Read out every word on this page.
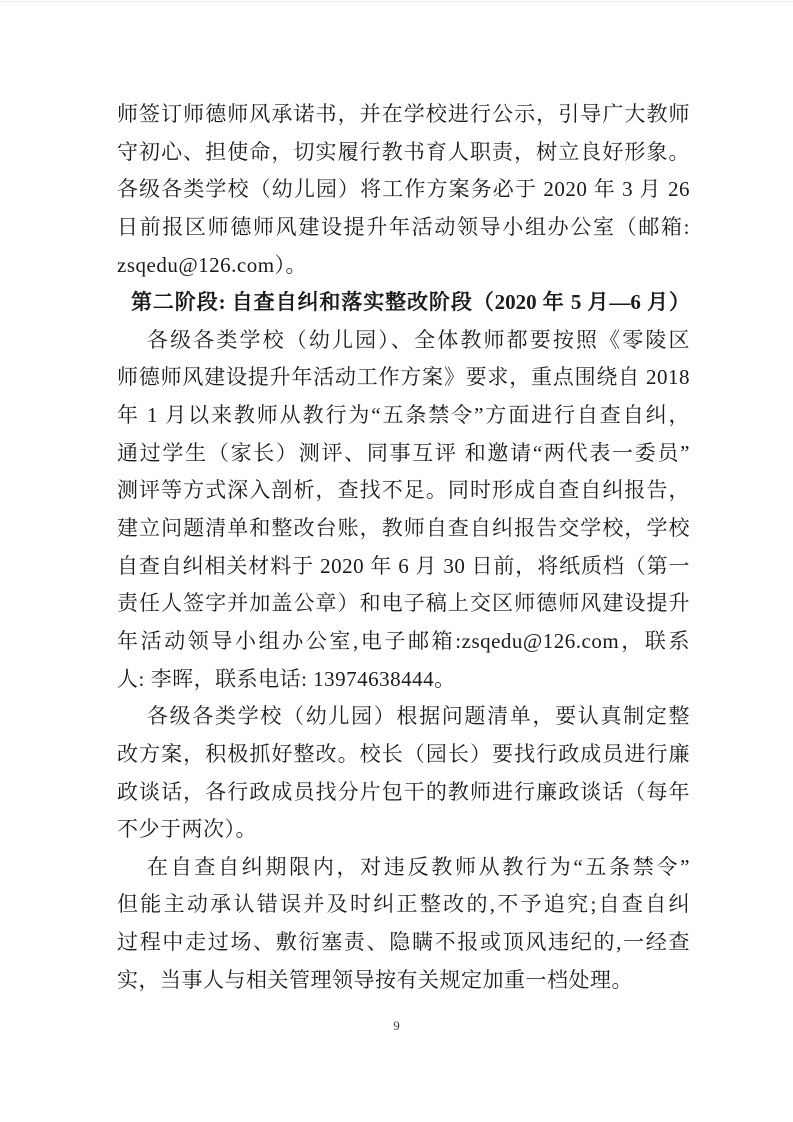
师签订师德师风承诺书，并在学校进行公示，引导广大教师
守初心、担使命，切实履行教书育人职责，树立良好形象。
各级各类学校（幼儿园）将工作方案务必于 2020 年 3 月 26
日前报区师德师风建设提升年活动领导小组办公室（邮箱:
zsqedu@126.com）。
第二阶段: 自查自纠和落实整改阶段（2020 年 5 月—6 月）
各级各类学校（幼儿园）、全体教师都要按照《零陵区
师德师风建设提升年活动工作方案》要求，重点围绕自 2018
年 1 月以来教师从教行为“五条禁令”方面进行自查自纠，
通过学生（家长）测评、同事互评 和邀请“两代表一委员”
测评等方式深入剖析，查找不足。同时形成自查自纠报告，
建立问题清单和整改台账，教师自查自纠报告交学校，学校
自查自纠相关材料于 2020 年 6 月 30 日前，将纸质档（第一
责任人签字并加盖公章）和电子稿上交区师德师风建设提升
年活动领导小组办公室,电子邮箱:zsqedu@126.com，联系
人: 李晖，联系电话: 13974638444。
各级各类学校（幼儿园）根据问题清单，要认真制定整
改方案，积极抓好整改。校长（园长）要找行政成员进行廉
政谈话，各行政成员找分片包干的教师进行廉政谈话（每年
不少于两次）。
在自查自纠期限内，对违反教师从教行为“五条禁令”
但能主动承认错误并及时纠正整改的,不予追究;自查自纠
过程中走过场、敷衍塞责、隐瞒不报或顶风违纪的,一经查
实，当事人与相关管理领导按有关规定加重一档处理。
9
